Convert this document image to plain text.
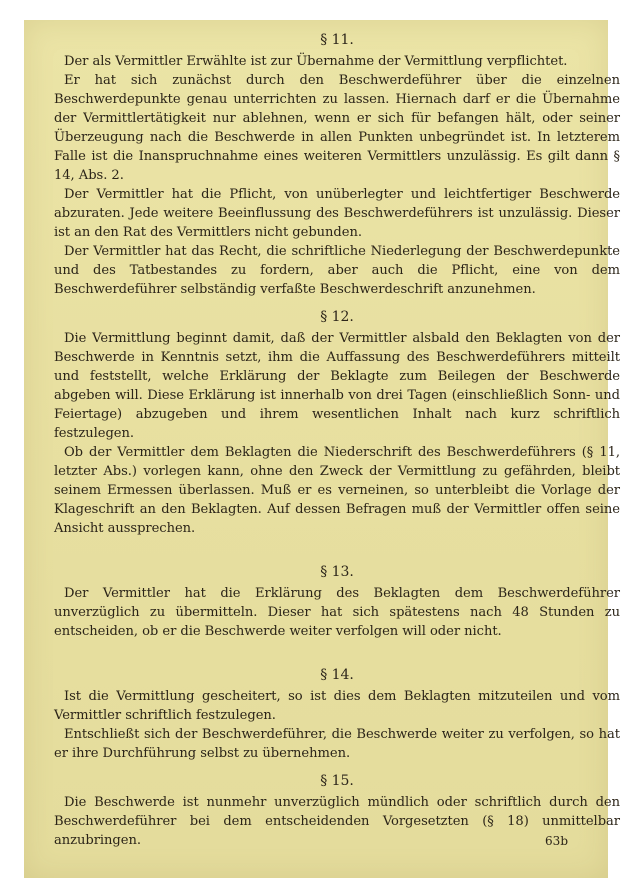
§ 11.

Der als Vermittler Erwählte ist zur Übernahme der Vermittlung verpflichtet.

Er hat sich zunächst durch den Beschwerdeführer über die einzelnen Beschwerdepunkte genau unterrichten zu lassen. Hiernach darf er die Übernahme der Vermittlertätigkeit nur ablehnen, wenn er sich für befangen hält, oder seiner Überzeugung nach die Beschwerde in allen Punkten unbegründet ist. In letzterem Falle ist die Inanspruchnahme eines weiteren Vermittlers unzulässig. Es gilt dann § 14, Abs. 2.

Der Vermittler hat die Pflicht, von unüberlegter und leichtfertiger Beschwerde abzuraten. Jede weitere Beeinflussung des Beschwerdeführers ist unzulässig. Dieser ist an den Rat des Vermittlers nicht gebunden.

Der Vermittler hat das Recht, die schriftliche Niederlegung der Beschwerdepunkte und des Tatbestandes zu fordern, aber auch die Pflicht, eine von dem Beschwerdeführer selbständig verfaßte Beschwerdeschrift anzunehmen.

§ 12.

Die Vermittlung beginnt damit, daß der Vermittler alsbald den Beklagten von der Beschwerde in Kenntnis setzt, ihm die Auffassung des Beschwerdeführers mitteilt und feststellt, welche Erklärung der Beklagte zum Beilegen der Beschwerde abgeben will. Diese Erklärung ist innerhalb von drei Tagen (einschließlich Sonn- und Feiertage) abzugeben und ihrem wesentlichen Inhalt nach kurz schriftlich festzulegen.

Ob der Vermittler dem Beklagten die Niederschrift des Beschwerdeführers (§ 11, letzter Abs.) vorlegen kann, ohne den Zweck der Vermittlung zu gefährden, bleibt seinem Ermessen überlassen. Muß er es verneinen, so unterbleibt die Vorlage der Klageschrift an den Beklagten. Auf dessen Befragen muß der Vermittler offen seine Ansicht aussprechen.

§ 13.

Der Vermittler hat die Erklärung des Beklagten dem Beschwerdeführer unverzüglich zu übermitteln. Dieser hat sich spätestens nach 48 Stunden zu entscheiden, ob er die Beschwerde weiter verfolgen will oder nicht.

§ 14.

Ist die Vermittlung gescheitert, so ist dies dem Beklagten mitzuteilen und vom Vermittler schriftlich festzulegen.

Entschließt sich der Beschwerdeführer, die Beschwerde weiter zu verfolgen, so hat er ihre Durchführung selbst zu übernehmen.

§ 15.

Die Beschwerde ist nunmehr unverzüglich mündlich oder schriftlich durch den Beschwerdeführer bei dem entscheidenden Vorgesetzten (§ 18) unmittelbar anzubringen.	63b
